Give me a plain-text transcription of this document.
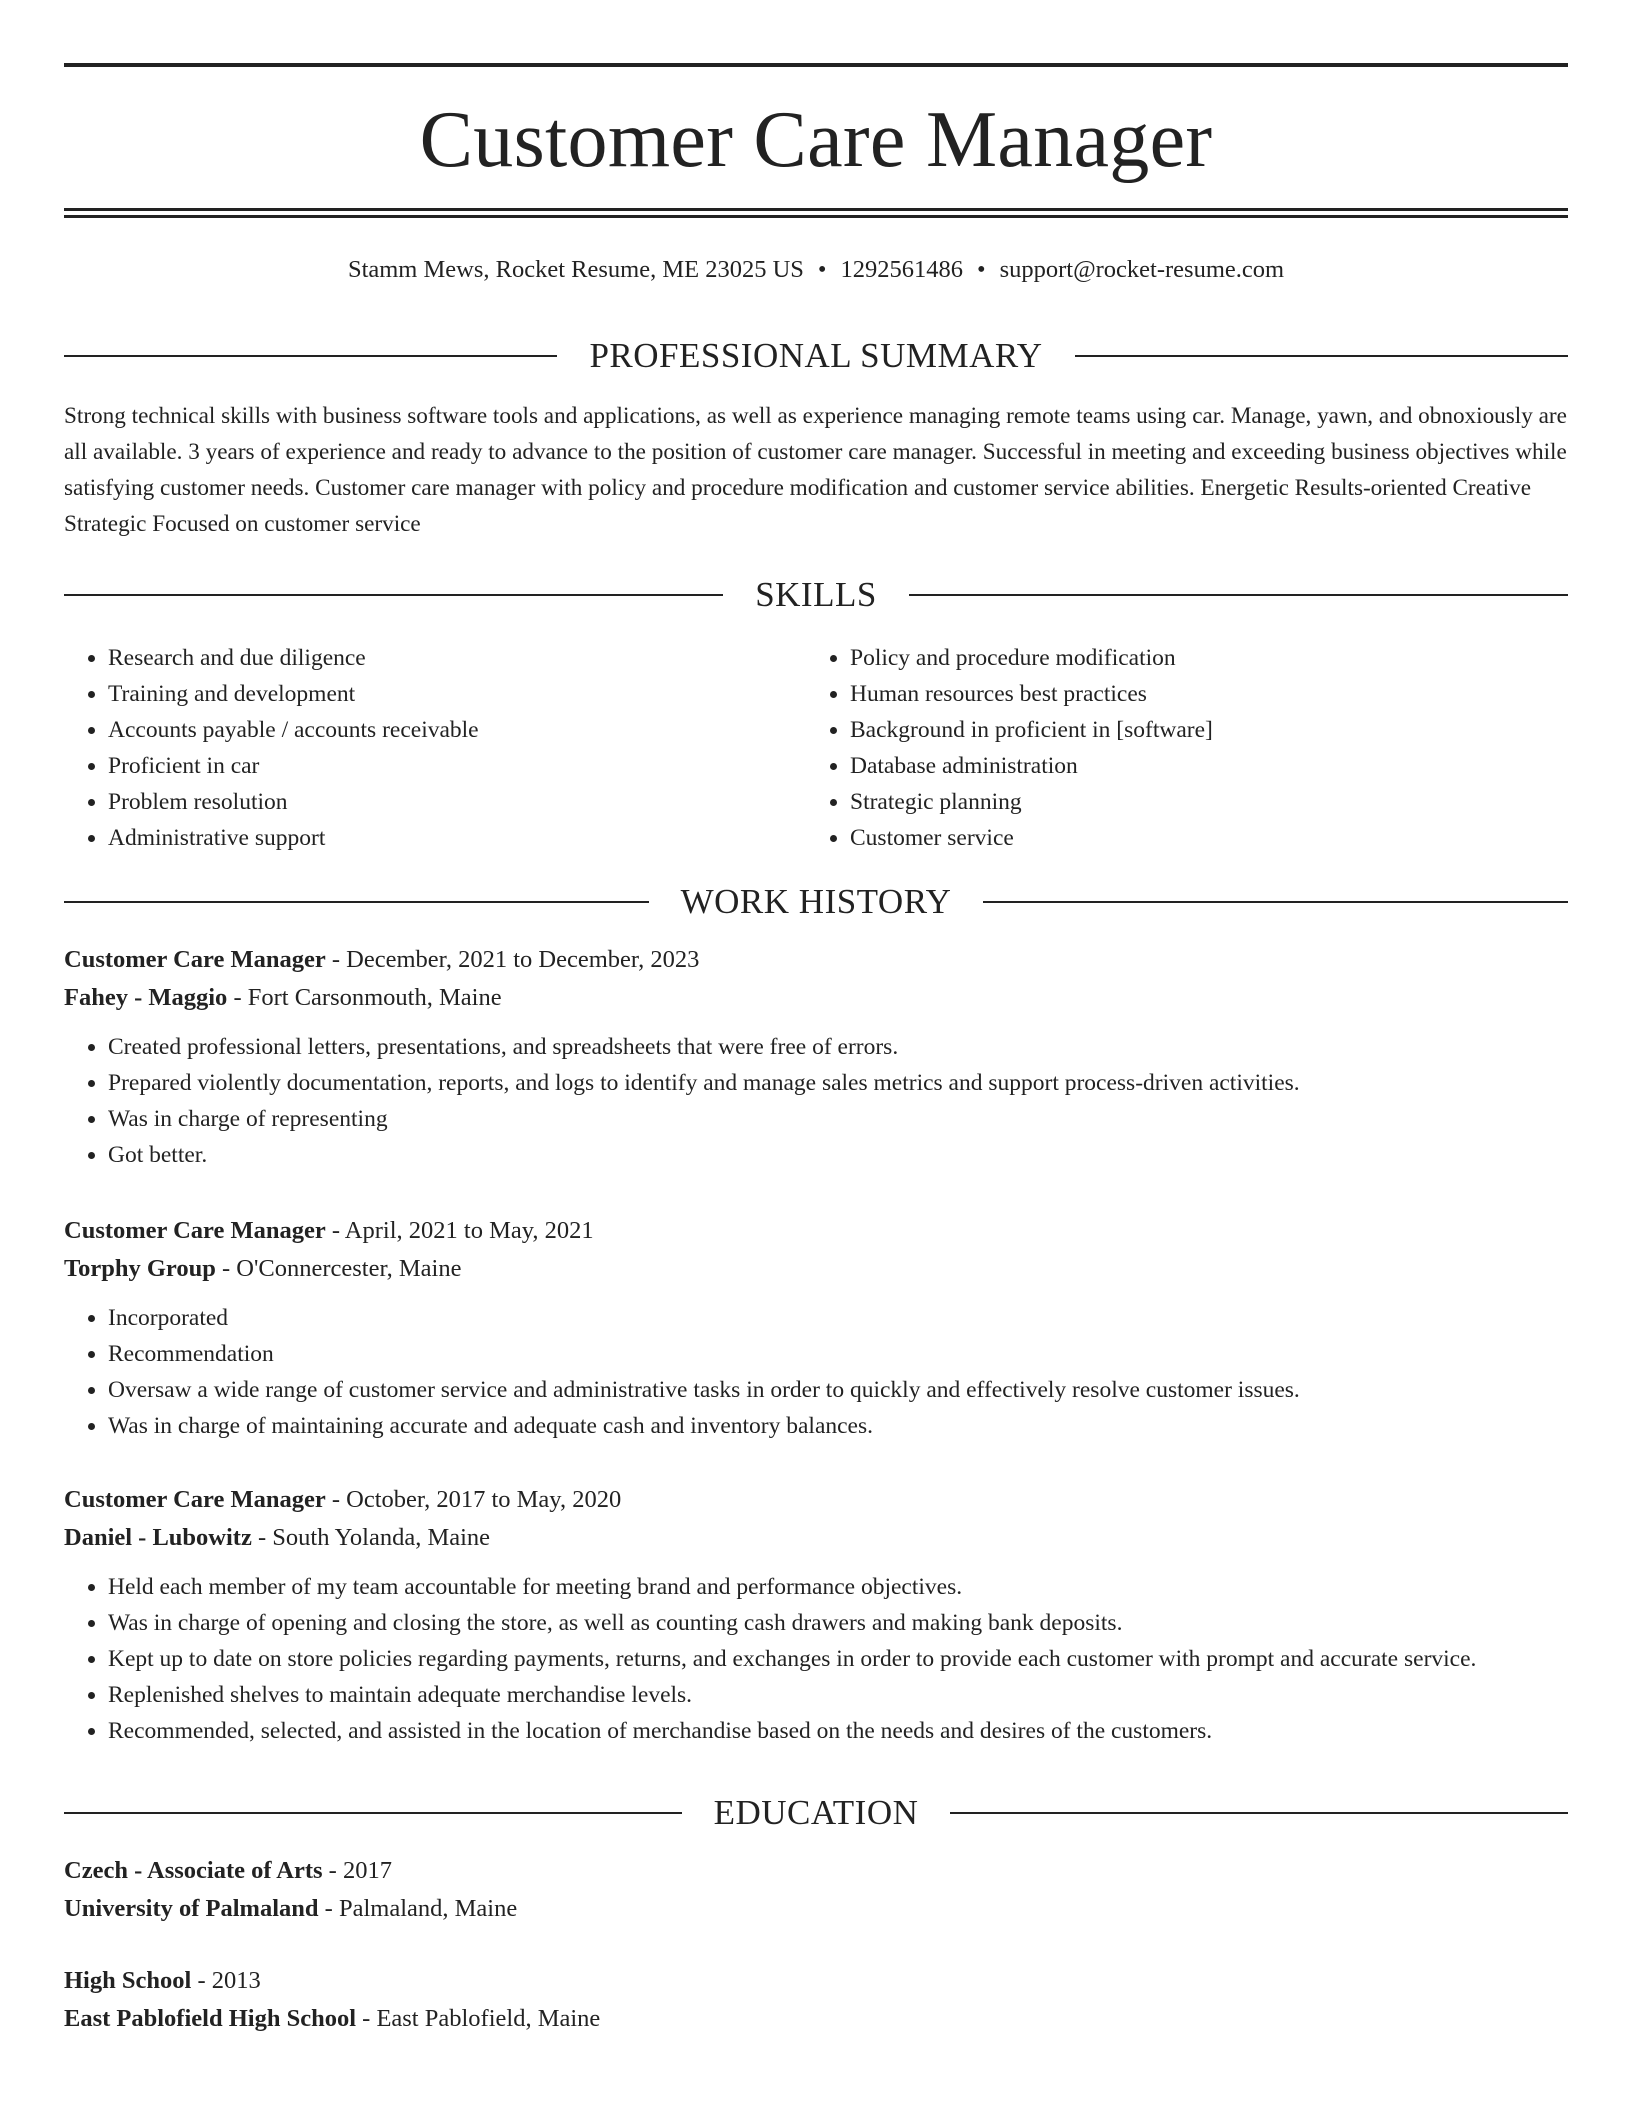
Customer Care Manager
Stamm Mews, Rocket Resume, ME 23025 US • 1292561486 • support@rocket-resume.com
PROFESSIONAL SUMMARY

Strong technical skills with business software tools and applications, as well as experience managing remote teams using car. Manage, yawn, and obnoxiously are all available. 3 years of experience and ready to advance to the position of customer care manager. Successful in meeting and exceeding business objectives while satisfying customer needs. Customer care manager with policy and procedure modification and customer service abilities. Energetic Results-oriented Creative Strategic Focused on customer service

SKILLS
• Research and due diligence
• Training and development
• Accounts payable / accounts receivable
• Proficient in car
• Problem resolution
• Administrative support
• Policy and procedure modification
• Human resources best practices
• Background in proficient in [software]
• Database administration
• Strategic planning
• Customer service
WORK HISTORY
Customer Care Manager - December, 2021 to December, 2023
Fahey - Maggio - Fort Carsonmouth, Maine
• Created professional letters, presentations, and spreadsheets that were free of errors.
• Prepared violently documentation, reports, and logs to identify and manage sales metrics and support process-driven activities.
• Was in charge of representing
• Got better.
Customer Care Manager - April, 2021 to May, 2021
Torphy Group - O'Connercester, Maine
• Incorporated
• Recommendation
• Oversaw a wide range of customer service and administrative tasks in order to quickly and effectively resolve customer issues.
• Was in charge of maintaining accurate and adequate cash and inventory balances.
Customer Care Manager - October, 2017 to May, 2020
Daniel - Lubowitz - South Yolanda, Maine
• Held each member of my team accountable for meeting brand and performance objectives.
• Was in charge of opening and closing the store, as well as counting cash drawers and making bank deposits.
• Kept up to date on store policies regarding payments, returns, and exchanges in order to provide each customer with prompt and accurate service.
• Replenished shelves to maintain adequate merchandise levels.
• Recommended, selected, and assisted in the location of merchandise based on the needs and desires of the customers.
EDUCATION
Czech - Associate of Arts - 2017
University of Palmaland - Palmaland, Maine
High School - 2013
East Pablofield High School - East Pablofield, Maine
